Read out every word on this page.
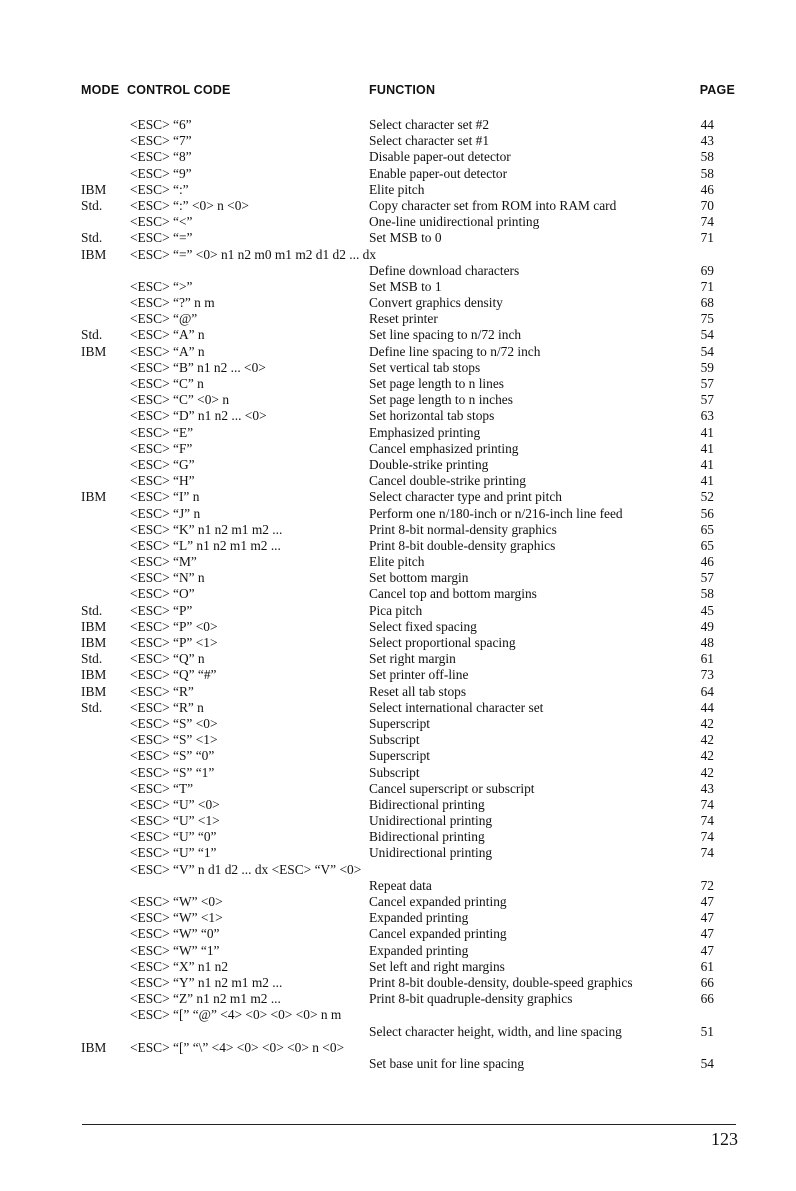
MODE CONTROL CODE	FUNCTION	PAGE
<ESC> “6”	Select character set #2	44
<ESC> “7”	Select character set #1	43
<ESC> “8”	Disable paper-out detector	58
<ESC> “9”	Enable paper-out detector	58
IBM <ESC> “:”	Elite pitch	46
Std. <ESC> “:” <0> n <0>	Copy character set from ROM into RAM card	70
<ESC> “<”	One-line unidirectional printing	74
Std. <ESC> “=”	Set MSB to 0	71
IBM <ESC> “=” <0> n1 n2 m0 m1 m2 d1 d2 ... dx
Define download characters	69
<ESC> “>”	Set MSB to 1	71
<ESC> “?” n m	Convert graphics density	68
<ESC> “@”	Reset printer	75
Std. <ESC> “A” n	Set line spacing to n/72 inch	54
IBM <ESC> “A” n	Define line spacing to n/72 inch	54
<ESC> “B” n1 n2 ... <0>	Set vertical tab stops	59
<ESC> “C” n	Set page length to n lines	57
<ESC> “C” <0> n	Set page length to n inches	57
<ESC> “D” n1 n2 ... <0>	Set horizontal tab stops	63
<ESC> “E”	Emphasized printing	41
<ESC> “F”	Cancel emphasized printing	41
<ESC> “G”	Double-strike printing	41
<ESC> “H”	Cancel double-strike printing	41
IBM <ESC> “I” n	Select character type and print pitch	52
<ESC> “J” n	Perform one n/180-inch or n/216-inch line feed	56
<ESC> “K” n1 n2 m1 m2 ...	Print 8-bit normal-density graphics	65
<ESC> “L” n1 n2 m1 m2 ...	Print 8-bit double-density graphics	65
<ESC> “M”	Elite pitch	46
<ESC> “N” n	Set bottom margin	57
<ESC> “O”	Cancel top and bottom margins	58
Std. <ESC> “P”	Pica pitch	45
IBM <ESC> “P” <0>	Select fixed spacing	49
IBM <ESC> “P” <1>	Select proportional spacing	48
Std. <ESC> “Q” n	Set right margin	61
IBM <ESC> “Q” “#”	Set printer off-line	73
IBM <ESC> “R”	Reset all tab stops	64
Std. <ESC> “R” n	Select international character set	44
<ESC> “S” <0>	Superscript	42
<ESC> “S” <1>	Subscript	42
<ESC> “S” “0”	Superscript	42
<ESC> “S” “1”	Subscript	42
<ESC> “T”	Cancel superscript or subscript	43
<ESC> “U” <0>	Bidirectional printing	74
<ESC> “U” <1>	Unidirectional printing	74
<ESC> “U” “0”	Bidirectional printing	74
<ESC> “U” “1”	Unidirectional printing	74
<ESC> “V” n d1 d2 ... dx <ESC> “V” <0>
Repeat data	72
<ESC> “W” <0>	Cancel expanded printing	47
<ESC> “W” <1>	Expanded printing	47
<ESC> “W” “0”	Cancel expanded printing	47
<ESC> “W” “1”	Expanded printing	47
<ESC> “X” n1 n2	Set left and right margins	61
<ESC> “Y” n1 n2 m1 m2 ...	Print 8-bit double-density, double-speed graphics	66
<ESC> “Z” n1 n2 m1 m2 ...	Print 8-bit quadruple-density graphics	66
<ESC> “[” “@” <4> <0> <0> <0> n m
Select character height, width, and line spacing	51
IBM <ESC> “[” “\” <4> <0> <0> <0> n <0>
Set base unit for line spacing	54
123
